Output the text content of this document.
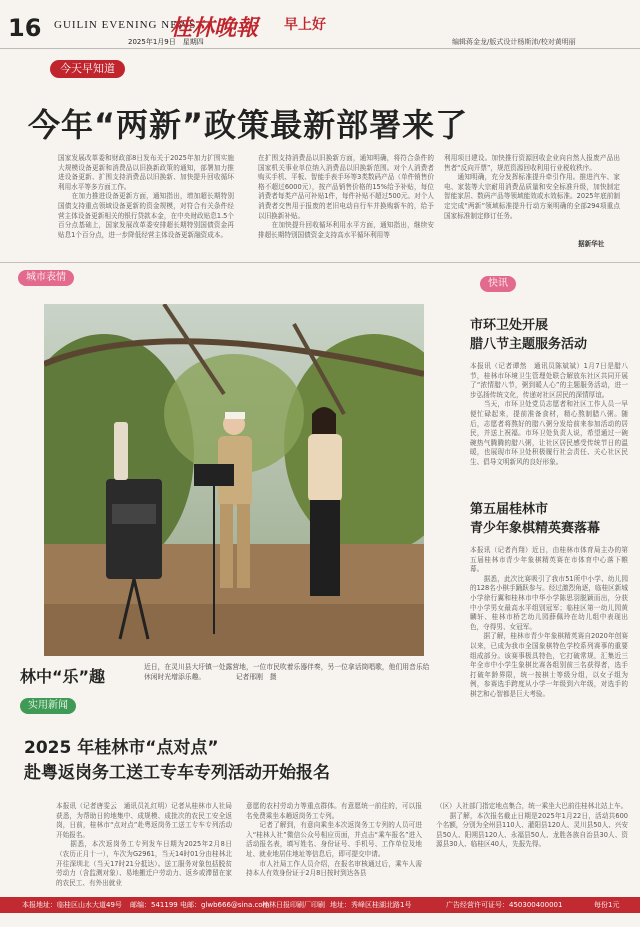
16 GUILIN EVENING NEWS
2025年1月9日　星期四
桂林晚報 早上好
编辑蒋金龙/版式设计杨斯沛/校对黄明丽
今天早知道
今年“两新”政策最新部署来了
国家发展改革委和财政部8日发布关于2025年加力扩围实施大规模设备更新和消费品以旧换新政策的通知，部署加力推进设备更新、扩围支持消费品以旧换新、加快提升回收循环利用水平等多方面工作。
　　在加力推进设备更新方面，通知指出，增加超长期特别国债支持重点领域设备更新的资金规模，对符合有关条件经营主体设备更新相关的银行贷款本金，在中央财政贴息1.5个百分点基础上，国家发展改革委安排超长期特别国债资金再贴息1个百分点，进一步降低经营主体设备更新融资成本。
在扩围支持消费品以旧换新方面，通知明确，将符合条件的国家机关事业单位纳入消费品以旧换新范围。对个人消费者购买手机、平板、智能手表手环等3类数码产品（单件销售价格不超过6000元），按产品销售价格的15%给予补贴，每位消费者每类产品可补贴1件，每件补贴不超过500元。对个人消费者交售用于报废的老旧电动自行车并换购新车的，给予以旧换新补贴。
　　在加快提升回收循环利用水平方面，通知指出，继续安排超长期特别国债资金支持高水平循环利用等
利用项目建设。加快推行资源回收企业向自然人报废产品出售者“反向开票”，规范资源回收利用行业税收秩序。
　　通知明确，充分发挥标准提升牵引作用。推进汽车、家电、家装等大宗耐用消费品质量和安全标准升级，加快制定智能家居、数码产品等领域能效或水效标准。2025年底前制定完成“两新”领域标准提升行动方案明确的全部294项重点国家标准制定修订任务。
据新华社
城市表情
林中“乐”趣	近日，在灵川县大圩镇一处露营地，一位市民吹着乐器伴奏，另一位拿话筒唱歌，他们用音乐给休闲时光增添乐趣。　　　　　记者邢刚　摄
快讯
市环卫处开展
腊八节主题服务活动
本报讯（记者谭然　通讯员陈斌斌）1月7日是腊八节，桂林市环境卫生管理处联合解放东社区共同开展了“浓情腊八节，粥到暖人心”的主题服务活动，进一步弘扬传统文化，传递对社区居民的深情厚谊。
　　当天，市环卫处党员志愿者和社区工作人员一早便忙碌起来，提前准备食材，精心熬制腊八粥。随后，志愿者将熬好的腊八粥分发给前来参加活动的居民，并送上祝福。市环卫处负责人说，希望通过一碗碗热气腾腾的腊八粥，让社区居民感受传统节日的温暖，也展现市环卫处积极履行社会责任、关心社区民生、倡导文明新风的良好形象。
第五届桂林市
青少年象棋精英赛落幕
本报讯（记者肖翔）近日，由桂林市体育局主办的第五届桂林市青少年象棋精英赛在市体育中心落下帷幕。
　　据悉，此次比赛吸引了我市51所中小学、幼儿园的128名小棋手踊跃参与。经过激烈角逐，临桂区新城小学徐行翼和桂林市中华小学陈思羽脱颖而出，分获中小学男女最高水平组别冠军；临桂区第一幼儿园黄麟轩、桂林市桥艺幼儿园薛佩玲在幼儿组中表现出色，夺得男、女冠军。
　　据了解，桂林市青少年象棋精英赛自2020年创赛以来，已成为我市全国象棋特色学校系列赛事的重要组成部分。该赛事极具特色，它打破常规，汇集近三年全市中小学生象棋比赛各组别前三名获得者，选手打破年龄界限，统一按棋士等级分组，以女子组为例，参赛选手跨度从小学一年级到六年级，对选手的棋艺和心智都是巨大考验。
实用新闻
2025 年桂林市“点对点”
赴粤返岗务工送工专车专列活动开始报名
本报讯（记者唐雯云　通讯员礼红明）记者从桂林市人社局获悉，为帮助日的地集中、成规模、成批次的农民工安全返岗，日前，桂林市“点对点”赴粤返岗务工送工专车专列活动开始报名。
　　据悉，本次返岗务工专列发车日期为2025年2月8日（农历正月十一），车次为G2961，当天14时01分由桂林北开往深圳北（当天17时21分抵达）。送工服务对象包括脱贫劳动力（含监测对象）、易地搬迁户劳动力、返乡或滞留在家的农民工、有外出就业
意愿的农村劳动力等重点群体。有意愿统一前往的，可以报名免费乘坐本趟返岗务工专列。
　　记者了解到，有意向乘坐本次返岗务工专列的人员可进入“桂林人社”微信公众号相应页面，并点击“乘车报名”进入活动报名表，填写姓名、身份证号、手机号、工作单位及地址、就业地居住地址等信息后，即可提交申请。
　　市人社局工作人员介绍，在报名审核通过后，乘车人需持本人有效身份证于2月8日按时到达各县
（区）人社部门指定地点集合，统一乘坐大巴前往桂林北站上车。
　　据了解，本次报名截止日期是2025年1月22日，活动共600个名额，分别为全州县110人、灌阳县120人、灵川县50人、兴安县50人、阳朔县120人、永福县50人、龙胜各族自治县30人、资源县30人、临桂区40人，先报先得。
本报地址：临桂区山水大道49号 邮编：541199 电邮：glwb666@sina.com
桂林日报印刷厂印刷 地址：秀峰区桂湖北路1号	广告经营许可证号：450300400001	每份1元
